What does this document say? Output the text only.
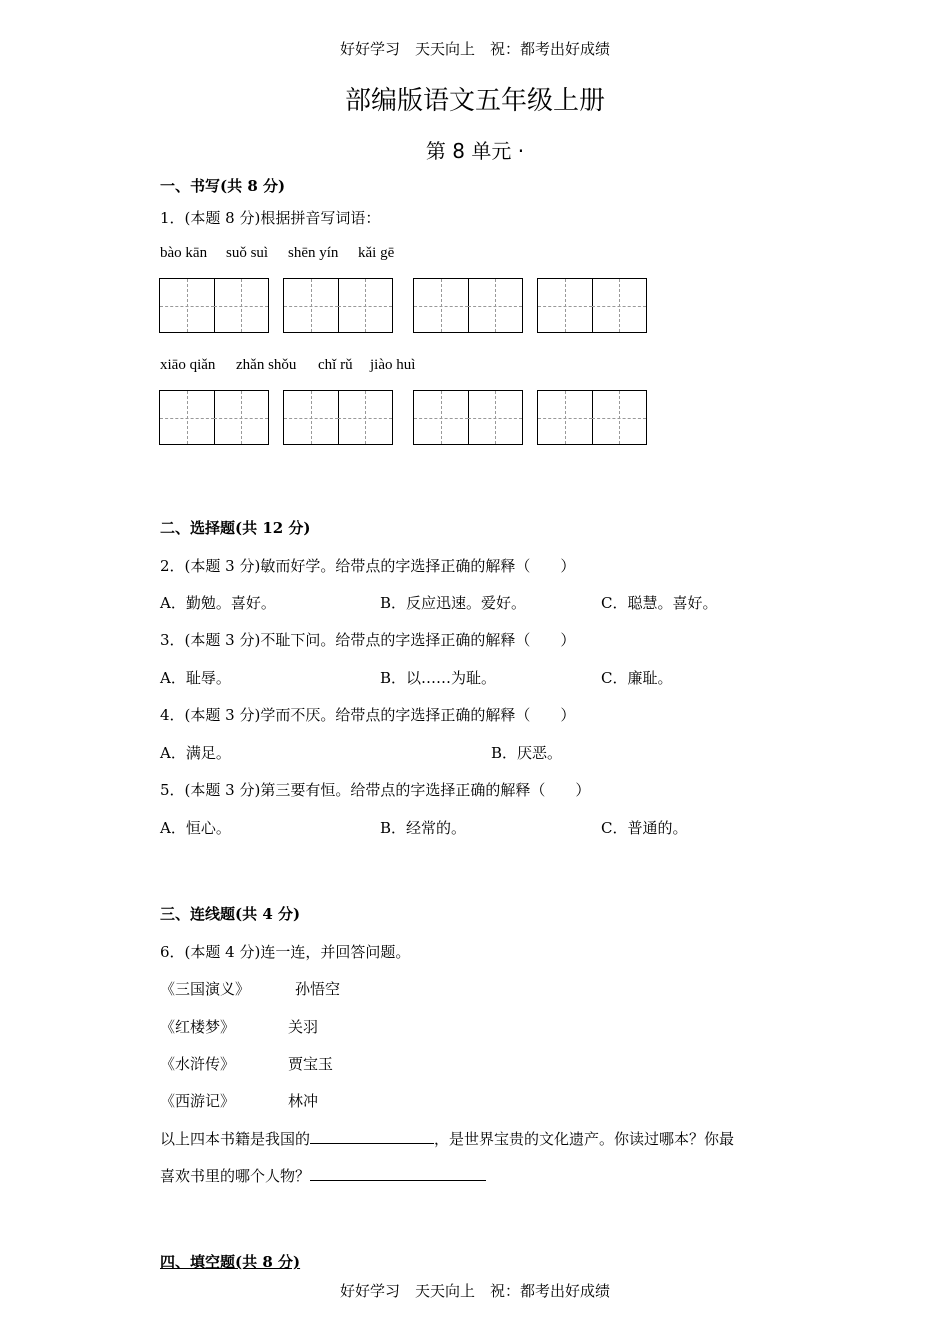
好好学习　天天向上　祝：都考出好成绩
部编版语文五年级上册
第 8 单元 ·
一、书写(共 8 分)
1．(本题 8 分)根据拼音写词语：
bào kān suǒ suì shēn yín kǎi gē
xiāo qiǎn zhǎn shǒu chǐ rǔ jiào huì
二、选择题(共 12 分)
2．(本题 3 分)敏而好学。给带点的字选择正确的解释（　　）
A．勤勉。喜好。	B．反应迅速。爱好。	C．聪慧。喜好。
3．(本题 3 分)不耻下问。给带点的字选择正确的解释（　　）
A．耻辱。	B．以……为耻。	C．廉耻。
4．(本题 3 分)学而不厌。给带点的字选择正确的解释（　　）
A．满足。	B．厌恶。
5．(本题 3 分)第三要有恒。给带点的字选择正确的解释（　　）
A．恒心。	B．经常的。	C．普通的。
三、连线题(共 4 分)
6．(本题 4 分)连一连，并回答问题。
《三国演义》	孙悟空
《红楼梦》	关羽
《水浒传》	贾宝玉
《西游记》	林冲
以上四本书籍是我国的	，是世界宝贵的文化遗产。你读过哪本？你最
喜欢书里的哪个人物？
四、填空题(共 8 分)
好好学习　天天向上　祝：都考出好成绩
